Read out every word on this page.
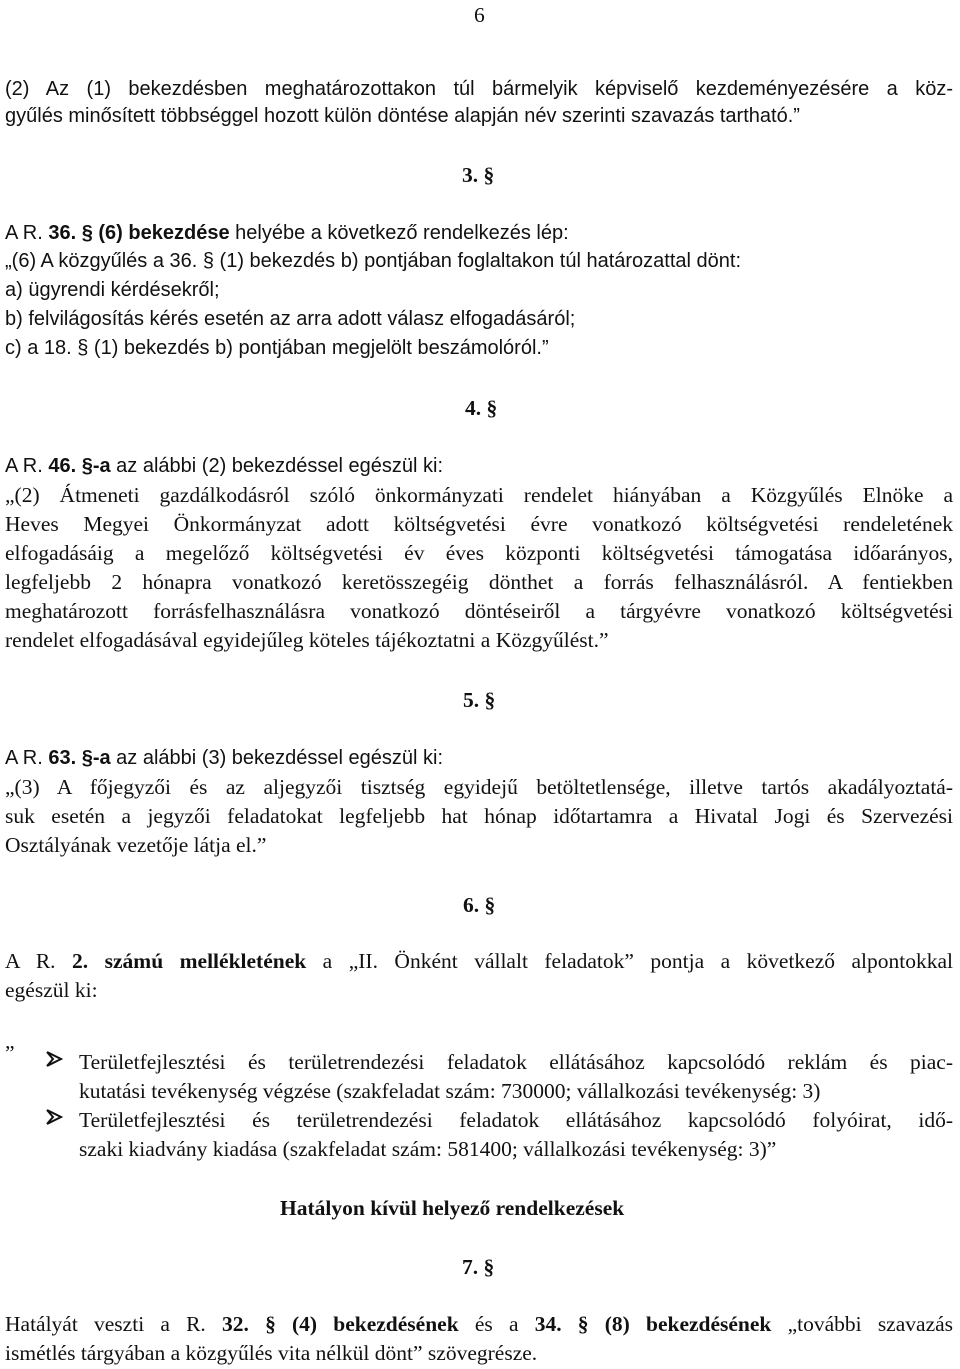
6
(2) Az (1) bekezdésben meghatározottakon túl bármelyik képviselő kezdeményezésére a köz-
gyűlés minősített többséggel hozott külön döntése alapján név szerinti szavazás tartható.”
3. §
A R. 36. § (6) bekezdése helyébe a következő rendelkezés lép:
„(6) A közgyűlés a 36. § (1) bekezdés b) pontjában foglaltakon túl határozattal dönt:
a) ügyrendi kérdésekről;
b) felvilágosítás kérés esetén az arra adott válasz elfogadásáról;
c) a 18. § (1) bekezdés b) pontjában megjelölt beszámolóról.”
4. §
A R. 46. §-a az alábbi (2) bekezdéssel egészül ki:
„(2) Átmeneti gazdálkodásról szóló önkormányzati rendelet hiányában a Közgyűlés Elnöke a
Heves Megyei Önkormányzat adott költségvetési évre vonatkozó költségvetési rendeletének
elfogadásáig a megelőző költségvetési év éves központi költségvetési támogatása időarányos,
legfeljebb 2 hónapra vonatkozó keretösszegéig dönthet a forrás felhasználásról. A fentiekben
meghatározott forrásfelhasználásra vonatkozó döntéseiről a tárgyévre vonatkozó költségvetési
rendelet elfogadásával egyidejűleg köteles tájékoztatni a Közgyűlést.”
5. §
A R. 63. §-a az alábbi (3) bekezdéssel egészül ki:
„(3) A főjegyzői és az aljegyzői tisztség egyidejű betöltetlensége, illetve tartós akadályoztatá-
suk esetén a jegyzői feladatokat legfeljebb hat hónap időtartamra a Hivatal Jogi és Szervezési
Osztályának vezetője látja el.”
6. §
A R. 2. számú mellékletének a „II. Önként vállalt feladatok” pontja a következő alpontokkal
egészül ki:
„
Területfejlesztési és területrendezési feladatok ellátásához kapcsolódó reklám és piac-
kutatási tevékenység végzése (szakfeladat szám: 730000; vállalkozási tevékenység: 3)
Területfejlesztési és területrendezési feladatok ellátásához kapcsolódó folyóirat, idő-
szaki kiadvány kiadása (szakfeladat szám: 581400; vállalkozási tevékenység: 3)”
Hatályon kívül helyező rendelkezések
7. §
Hatályát veszti a R. 32. § (4) bekezdésének és a 34. § (8) bekezdésének „további szavazás
ismétlés tárgyában a közgyűlés vita nélkül dönt” szövegrésze.
